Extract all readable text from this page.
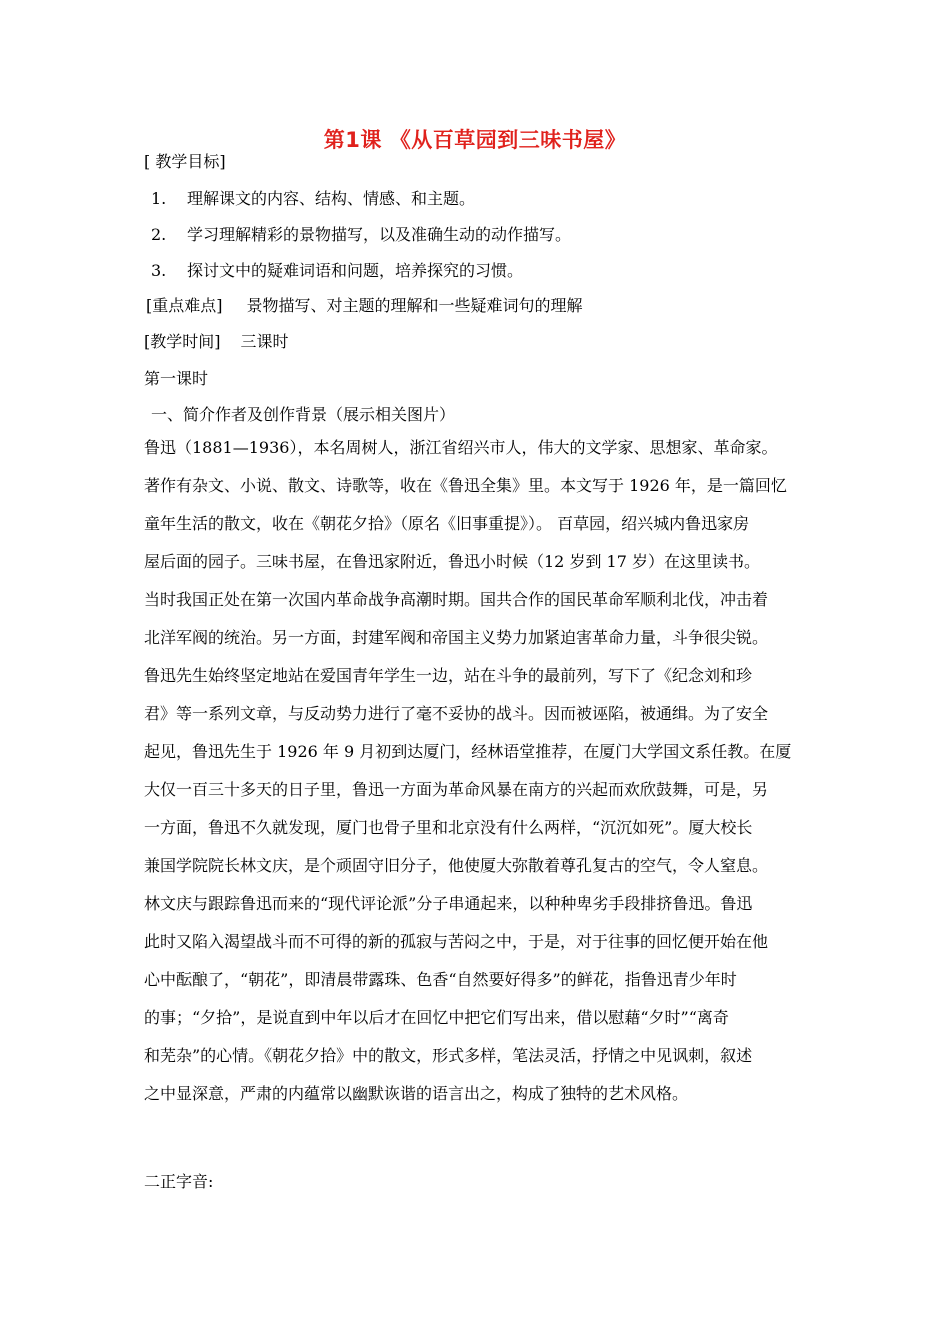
第1课 《从百草园到三味书屋》
[ 教学目标]
1. 理解课文的内容、结构、情感、和主题。
2. 学习理解精彩的景物描写，以及准确生动的动作描写。
3. 探讨文中的疑难词语和问题，培养探究的习惯。
[重点难点] 景物描写、对主题的理解和一些疑难词句的理解
[教学时间] 三课时
第一课时
一、简介作者及创作背景（展示相关图片）
鲁迅（1881—1936），本名周树人，浙江省绍兴市人，伟大的文学家、思想家、革命家。
著作有杂文、小说、散文、诗歌等，收在《鲁迅全集》里。本文写于 1926 年，是一篇回忆
童年生活的散文，收在《朝花夕拾》（原名《旧事重提》）。 百草园，绍兴城内鲁迅家房
屋后面的园子。三味书屋，在鲁迅家附近，鲁迅小时候（12 岁到 17 岁）在这里读书。
当时我国正处在第一次国内革命战争高潮时期。国共合作的国民革命军顺利北伐，冲击着
北洋军阀的统治。另一方面，封建军阀和帝国主义势力加紧迫害革命力量，斗争很尖锐。
鲁迅先生始终坚定地站在爱国青年学生一边，站在斗争的最前列，写下了《纪念刘和珍
君》等一系列文章，与反动势力进行了毫不妥协的战斗。因而被诬陷，被通缉。为了安全
起见，鲁迅先生于 1926 年 9 月初到达厦门，经林语堂推荐，在厦门大学国文系任教。在厦
大仅一百三十多天的日子里，鲁迅一方面为革命风暴在南方的兴起而欢欣鼓舞，可是，另
一方面，鲁迅不久就发现，厦门也骨子里和北京没有什么两样，“沉沉如死”。厦大校长
兼国学院院长林文庆，是个顽固守旧分子，他使厦大弥散着尊孔复古的空气，令人窒息。
林文庆与跟踪鲁迅而来的“现代评论派”分子串通起来，以种种卑劣手段排挤鲁迅。鲁迅
此时又陷入渴望战斗而不可得的新的孤寂与苦闷之中，于是，对于往事的回忆便开始在他
心中酝酿了，“朝花”，即清晨带露珠、色香“自然要好得多”的鲜花，指鲁迅青少年时
的事；“夕拾”，是说直到中年以后才在回忆中把它们写出来，借以慰藉“夕时”“离奇
和芜杂”的心情。《朝花夕拾》中的散文，形式多样，笔法灵活，抒情之中见讽刺，叙述
之中显深意，严肃的内蕴常以幽默诙谐的语言出之，构成了独特的艺术风格。
二正字音:
